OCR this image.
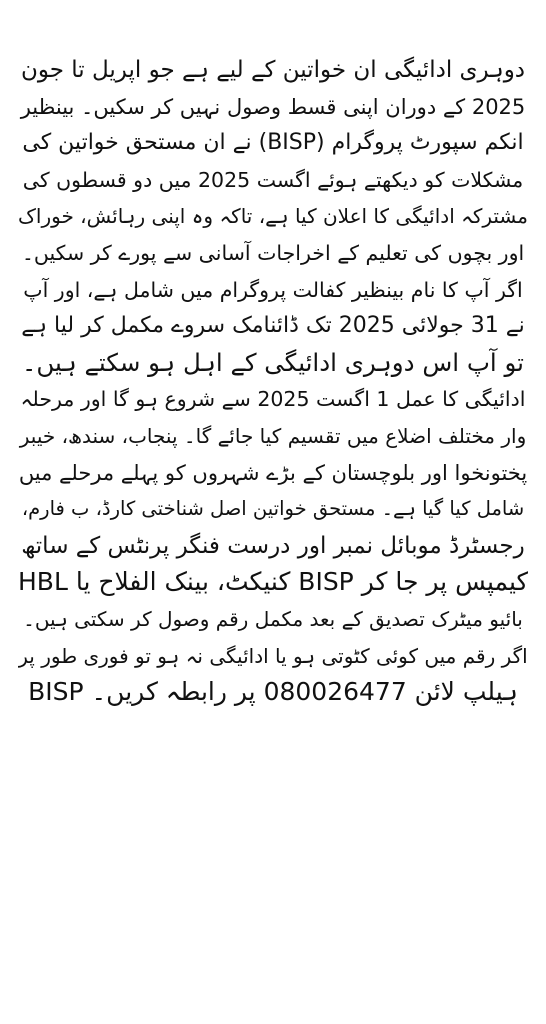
دوہری ادائیگی ان خواتین کے لیے ہے جو اپریل تا جون
2025 کے دوران اپنی قسط وصول نہیں کر سکیں۔ بینظیر
انکم سپورٹ پروگرام (BISP) نے ان مستحق خواتین کی
مشکلات کو دیکھتے ہوئے اگست 2025 میں دو قسطوں کی
مشترکہ ادائیگی کا اعلان کیا ہے، تاکہ وہ اپنی رہائش، خوراک
اور بچوں کی تعلیم کے اخراجات آسانی سے پورے کر سکیں۔
اگر آپ کا نام بینظیر کفالت پروگرام میں شامل ہے، اور آپ
نے 31 جولائی 2025 تک ڈائنامک سروے مکمل کر لیا ہے
تو آپ اس دوہری ادائیگی کے اہل ہو سکتے ہیں۔
ادائیگی کا عمل 1 اگست 2025 سے شروع ہو گا اور مرحلہ
وار مختلف اضلاع میں تقسیم کیا جائے گا۔ پنجاب، سندھ، خیبر
پختونخوا اور بلوچستان کے بڑے شہروں کو پہلے مرحلے میں
شامل کیا گیا ہے۔ مستحق خواتین اصل شناختی کارڈ، ب فارم،
رجسٹرڈ موبائل نمبر اور درست فنگر پرنٹس کے ساتھ
HBL کنیکٹ، بینک الفلاح یا BISP کیمپس پر جا کر
بائیو میٹرک تصدیق کے بعد مکمل رقم وصول کر سکتی ہیں۔
اگر رقم میں کوئی کٹوتی ہو یا ادائیگی نہ ہو تو فوری طور پر
BISP ہیلپ لائن 080026477 پر رابطہ کریں۔
